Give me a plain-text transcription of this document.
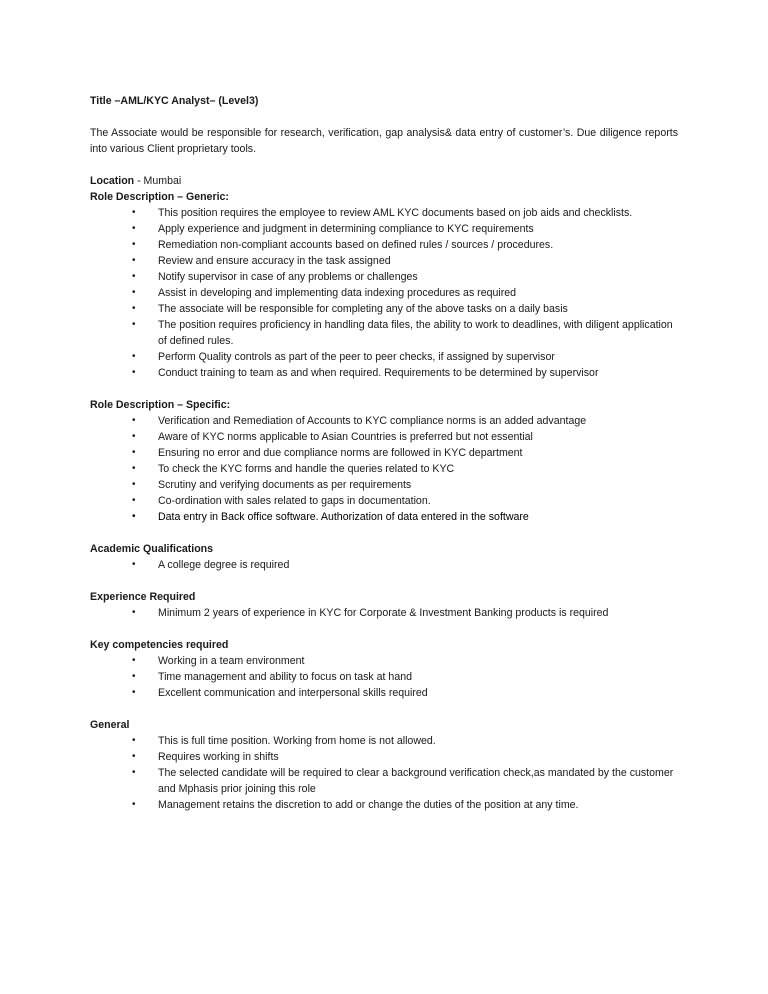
Title –AML/KYC Analyst– (Level3)

The Associate would be responsible for research, verification, gap analysis& data entry of customer’s. Due diligence reports into various Client proprietary tools.

Location - Mumbai

Role Description – Generic:

• This position requires the employee to review AML KYC documents based on job aids and checklists.
• Apply experience and judgment in determining compliance to KYC requirements
• Remediation non-compliant accounts based on defined rules / sources / procedures.
• Review and ensure accuracy in the task assigned
• Notify supervisor in case of any problems or challenges
• Assist in developing and implementing data indexing procedures as required
• The associate will be responsible for completing any of the above tasks on a daily basis
• The position requires proficiency in handling data files, the ability to work to deadlines, with diligent application of defined rules.
• Perform Quality controls as part of the peer to peer checks, if assigned by supervisor
• Conduct training to team as and when required. Requirements to be determined by supervisor

Role Description – Specific:

• Verification and Remediation of Accounts to KYC compliance norms is an added advantage
• Aware of KYC norms applicable to Asian Countries is preferred but not essential
• Ensuring no error and due compliance norms are followed in KYC department
• To check the KYC forms and handle the queries related to KYC
• Scrutiny and verifying documents as per requirements
• Co-ordination with sales related to gaps in documentation.
• Data entry in Back office software. Authorization of data entered in the software

Academic Qualifications

• A college degree is required

Experience Required

• Minimum 2 years of experience in KYC for Corporate & Investment Banking products is required

Key competencies required

• Working in a team environment
• Time management and ability to focus on task at hand
• Excellent communication and interpersonal skills required

General

• This is full time position. Working from home is not allowed.
• Requires working in shifts
• The selected candidate will be required to clear a background verification check,as mandated by the customer and Mphasis prior joining this role
• Management retains the discretion to add or change the duties of the position at any time.
